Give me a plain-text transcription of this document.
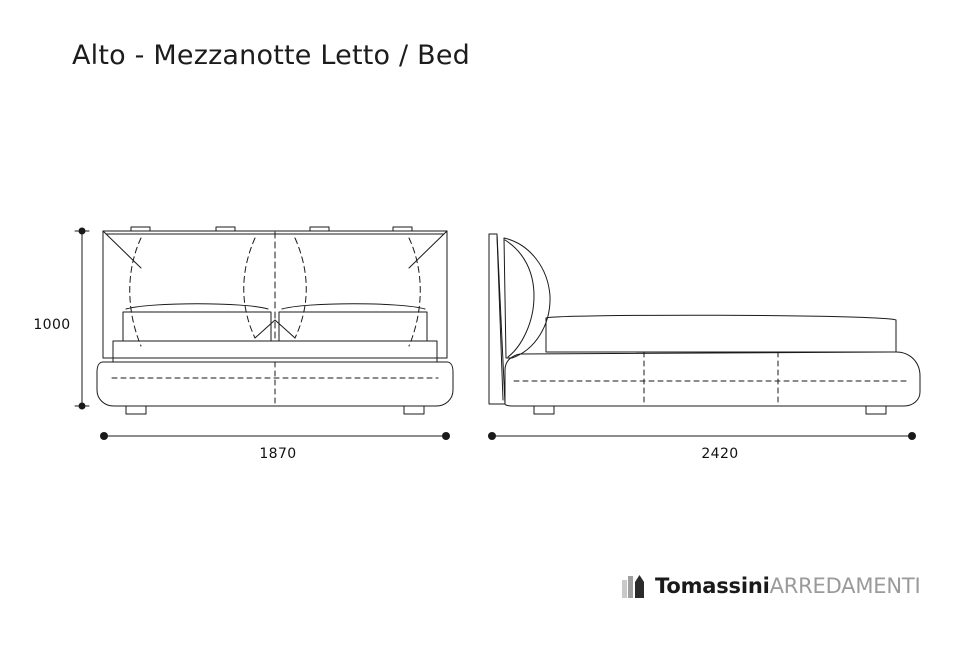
Alto - Mezzanotte Letto / Bed
1000
1870	2420
TomassiniARREDAMENTI
